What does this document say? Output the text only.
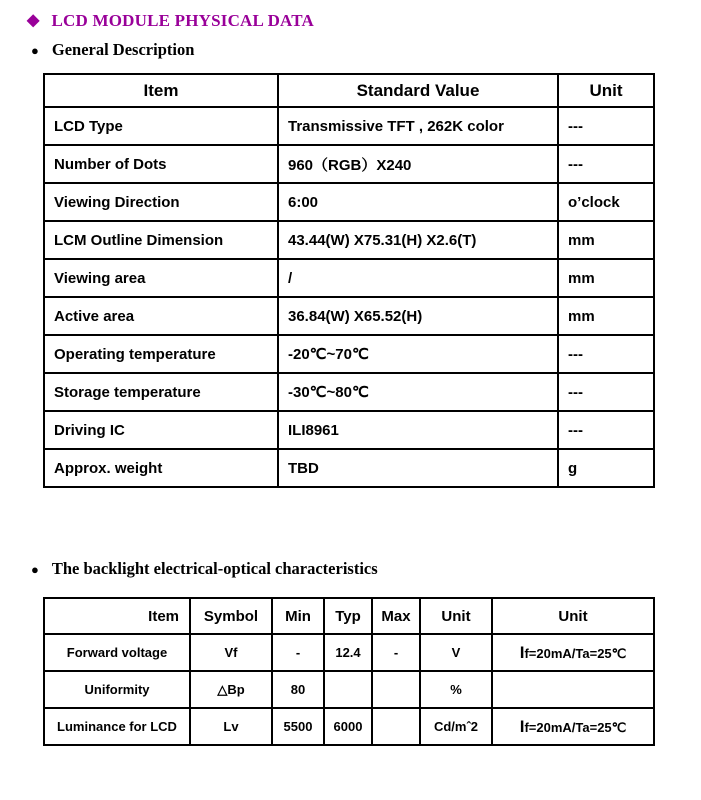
◆ LCD MODULE PHYSICAL DATA
● General Description
Item	Standard Value	Unit
LCD Type	Transmissive TFT , 262K color	---
Number of Dots	960（RGB）X240	---
Viewing Direction	6:00	o’clock
LCM Outline Dimension	43.44(W) X75.31(H) X2.6(T)	mm
Viewing area	/	mm
Active area	36.84(W) X65.52(H)	mm
Operating temperature	-20℃~70℃	---
Storage temperature	-30℃~80℃	---
Driving IC	ILI8961	---
Approx. weight	TBD	g
● The backlight electrical-optical characteristics
Item	Symbol	Min	Typ	Max	Unit	Unit
Forward voltage	Vf	-	12.4	-	V	If=20mA/Ta=25℃
Uniformity	△Bp	80			%	
Luminance for LCD	Lv	5500	6000		Cd/mˆ2	If=20mA/Ta=25℃
